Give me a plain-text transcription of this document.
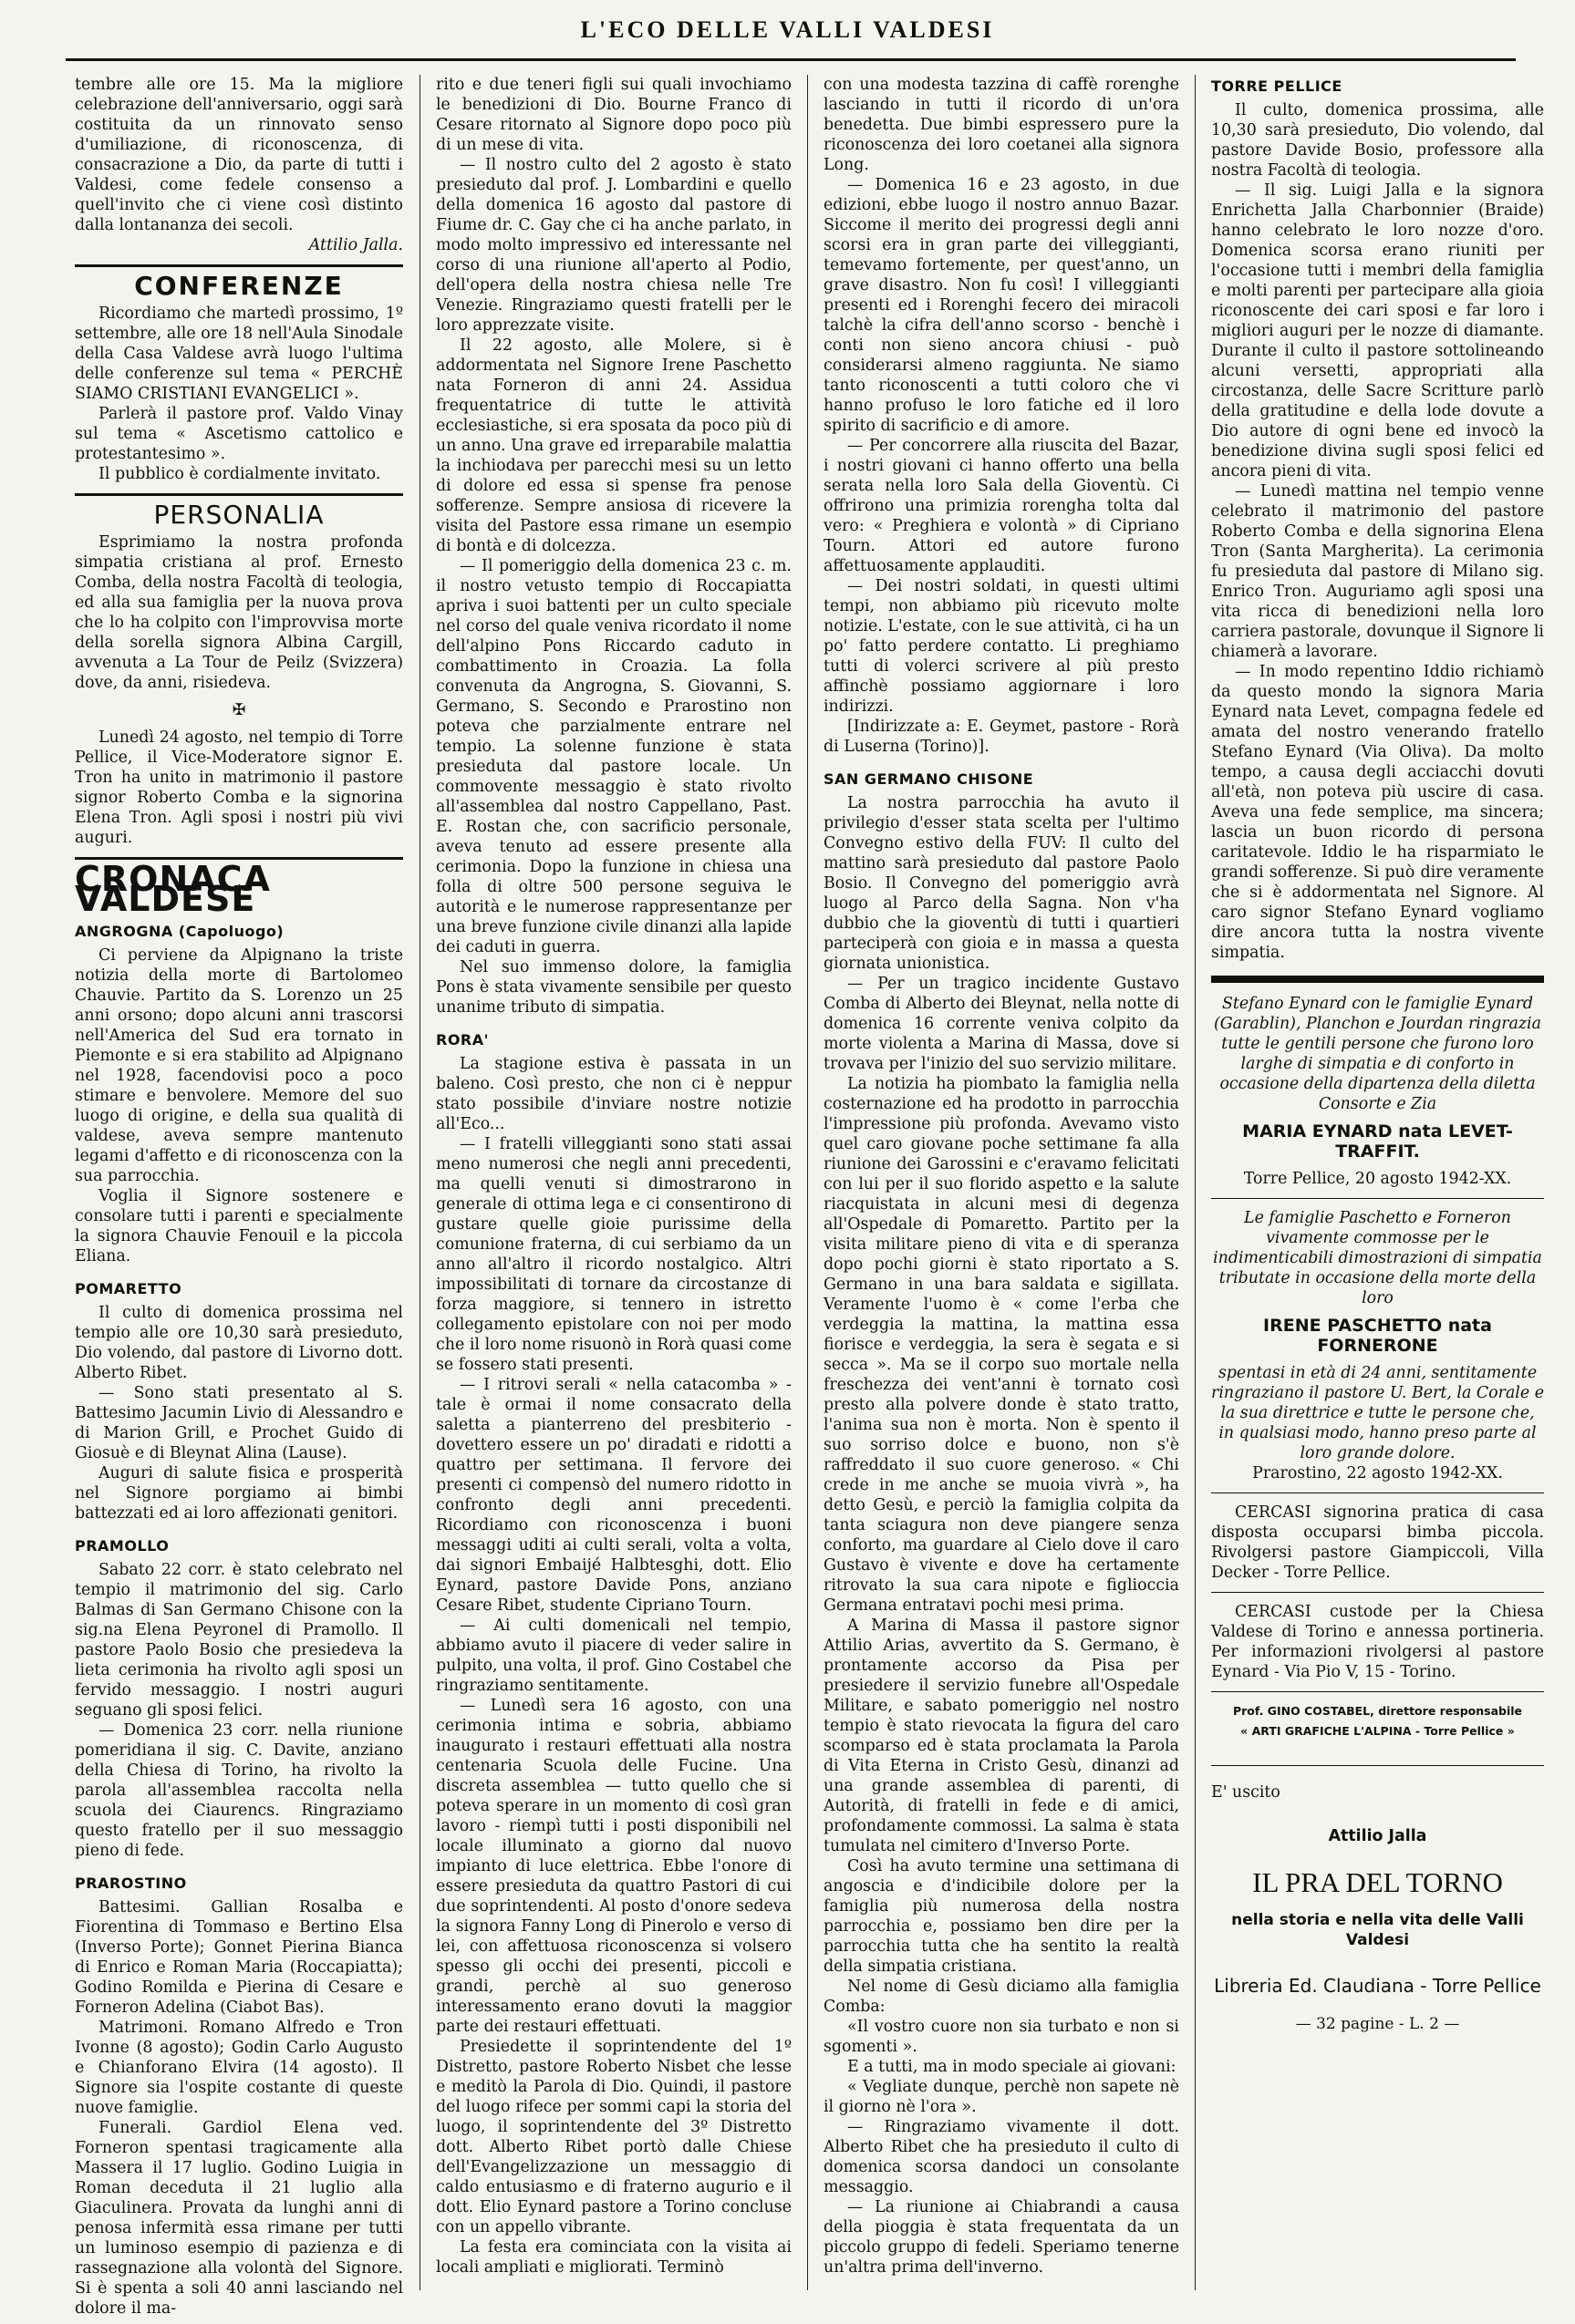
L'ECO DELLE VALLI VALDESI

tembre alle ore 15. Ma la migliore celebrazione dell'anniversario, oggi sarà costituita da un rinnovato senso d'umiliazione, di riconoscenza, di consacrazione a Dio, da parte di tutti i Valdesi, come fedele consenso a quell'invito che ci viene così distinto dalla lontananza dei secoli.

Attilio Jalla.
CONFERENZE

Ricordiamo che martedì prossimo, 1º settembre, alle ore 18 nell'Aula Sinodale della Casa Valdese avrà luogo l'ultima delle conferenze sul tema « PERCHÈ SIAMO CRISTIANI EVANGELICI ».

Parlerà il pastore prof. Valdo Vinay sul tema « Ascetismo cattolico e protestantesimo ».

Il pubblico è cordialmente invitato.

PERSONALIA

Esprimiamo la nostra profonda simpatia cristiana al prof. Ernesto Comba, della nostra Facoltà di teologia, ed alla sua famiglia per la nuova prova che lo ha colpito con l'improvvisa morte della sorella signora Albina Cargill, avvenuta a La Tour de Peilz (Svizzera) dove, da anni, risiedeva.

✠

Lunedì 24 agosto, nel tempio di Torre Pellice, il Vice-Moderatore signor E. Tron ha unito in matrimonio il pastore signor Roberto Comba e la signorina Elena Tron. Agli sposi i nostri più vivi auguri.

CRONACA VALDESE
ANGROGNA (Capoluogo)

Ci perviene da Alpignano la triste notizia della morte di Bartolomeo Chauvie. Partito da S. Lorenzo un 25 anni orsono; dopo alcuni anni trascorsi nell'America del Sud era tornato in Piemonte e si era stabilito ad Alpignano nel 1928, facendovisi poco a poco stimare e benvolere. Memore del suo luogo di origine, e della sua qualità di valdese, aveva sempre mantenuto legami d'affetto e di riconoscenza con la sua parrocchia.

Voglia il Signore sostenere e consolare tutti i parenti e specialmente la signora Chauvie Fenouil e la piccola Eliana.

POMARETTO

Il culto di domenica prossima nel tempio alle ore 10,30 sarà presieduto, Dio volendo, dal pastore di Livorno dott. Alberto Ribet.

— Sono stati presentato al S. Battesimo Jacumin Livio di Alessandro e di Marion Grill, e Prochet Guido di Giosuè e di Bleynat Alina (Lause).

Auguri di salute fisica e prosperità nel Signore porgiamo ai bimbi battezzati ed ai loro affezionati genitori.

PRAMOLLO

Sabato 22 corr. è stato celebrato nel tempio il matrimonio del sig. Carlo Balmas di San Germano Chisone con la sig.na Elena Peyronel di Pramollo. Il pastore Paolo Bosio che presiedeva la lieta cerimonia ha rivolto agli sposi un fervido messaggio. I nostri auguri seguano gli sposi felici.

— Domenica 23 corr. nella riunione pomeridiana il sig. C. Davite, anziano della Chiesa di Torino, ha rivolto la parola all'assemblea raccolta nella scuola dei Ciaurencs. Ringraziamo questo fratello per il suo messaggio pieno di fede.

PRAROSTINO

Battesimi. Gallian Rosalba e Fiorentina di Tommaso e Bertino Elsa (Inverso Porte); Gonnet Pierina Bianca di Enrico e Roman Maria (Roccapiatta); Godino Romilda e Pierina di Cesare e Forneron Adelina (Ciabot Bas).

Matrimoni. Romano Alfredo e Tron Ivonne (8 agosto); Godin Carlo Augusto e Chianforano Elvira (14 agosto). Il Signore sia l'ospite costante di queste nuove famiglie.

Funerali. Gardiol Elena ved. Forneron spentasi tragicamente alla Massera il 17 luglio. Godino Luigia in Roman deceduta il 21 luglio alla Giaculinera. Provata da lunghi anni di penosa infermità essa rimane per tutti un luminoso esempio di pazienza e di rassegnazione alla volontà del Signore. Si è spenta a soli 40 anni lasciando nel dolore il ma-

rito e due teneri figli sui quali invochiamo le benedizioni di Dio. Bourne Franco di Cesare ritornato al Signore dopo poco più di un mese di vita.

— Il nostro culto del 2 agosto è stato presieduto dal prof. J. Lombardini e quello della domenica 16 agosto dal pastore di Fiume dr. C. Gay che ci ha anche parlato, in modo molto impressivo ed interessante nel corso di una riunione all'aperto al Podio, dell'opera della nostra chiesa nelle Tre Venezie. Ringraziamo questi fratelli per le loro apprezzate visite.

Il 22 agosto, alle Molere, si è addormentata nel Signore Irene Paschetto nata Forneron di anni 24. Assidua frequentatrice di tutte le attività ecclesiastiche, si era sposata da poco più di un anno. Una grave ed irreparabile malattia la inchiodava per parecchi mesi su un letto di dolore ed essa si spense fra penose sofferenze. Sempre ansiosa di ricevere la visita del Pastore essa rimane un esempio di bontà e di dolcezza.

— Il pomeriggio della domenica 23 c. m. il nostro vetusto tempio di Roccapiatta apriva i suoi battenti per un culto speciale nel corso del quale veniva ricordato il nome dell'alpino Pons Riccardo caduto in combattimento in Croazia. La folla convenuta da Angrogna, S. Giovanni, S. Germano, S. Secondo e Prarostino non poteva che parzialmente entrare nel tempio. La solenne funzione è stata presieduta dal pastore locale. Un commovente messaggio è stato rivolto all'assemblea dal nostro Cappellano, Past. E. Rostan che, con sacrificio personale, aveva tenuto ad essere presente alla cerimonia. Dopo la funzione in chiesa una folla di oltre 500 persone seguiva le autorità e le numerose rappresentanze per una breve funzione civile dinanzi alla lapide dei caduti in guerra.

Nel suo immenso dolore, la famiglia Pons è stata vivamente sensibile per questo unanime tributo di simpatia.

RORA'

La stagione estiva è passata in un baleno. Così presto, che non ci è neppur stato possibile d'inviare nostre notizie all'Eco...

— I fratelli villeggianti sono stati assai meno numerosi che negli anni precedenti, ma quelli venuti si dimostrarono in generale di ottima lega e ci consentirono di gustare quelle gioie purissime della comunione fraterna, di cui serbiamo da un anno all'altro il ricordo nostalgico. Altri impossibilitati di tornare da circostanze di forza maggiore, si tennero in istretto collegamento epistolare con noi per modo che il loro nome risuonò in Rorà quasi come se fossero stati presenti.

— I ritrovi serali « nella catacomba » - tale è ormai il nome consacrato della saletta a pianterreno del presbiterio - dovettero essere un po' diradati e ridotti a quattro per settimana. Il fervore dei presenti ci compensò del numero ridotto in confronto degli anni precedenti. Ricordiamo con riconoscenza i buoni messaggi uditi ai culti serali, volta a volta, dai signori Embaijé Halbtesghi, dott. Elio Eynard, pastore Davide Pons, anziano Cesare Ribet, studente Cipriano Tourn.

— Ai culti domenicali nel tempio, abbiamo avuto il piacere di veder salire in pulpito, una volta, il prof. Gino Costabel che ringraziamo sentitamente.

— Lunedì sera 16 agosto, con una cerimonia intima e sobria, abbiamo inaugurato i restauri effettuati alla nostra centenaria Scuola delle Fucine. Una discreta assemblea — tutto quello che si poteva sperare in un momento di così gran lavoro - riempì tutti i posti disponibili nel locale illuminato a giorno dal nuovo impianto di luce elettrica. Ebbe l'onore di essere presieduta da quattro Pastori di cui due soprintendenti. Al posto d'onore sedeva la signora Fanny Long di Pinerolo e verso di lei, con affettuosa riconoscenza si volsero spesso gli occhi dei presenti, piccoli e grandi, perchè al suo generoso interessamento erano dovuti la maggior parte dei restauri effettuati.

Presiedette il soprintendente del 1º Distretto, pastore Roberto Nisbet che lesse e meditò la Parola di Dio. Quindi, il pastore del luogo rifece per sommi capi la storia del luogo, il soprintendente del 3º Distretto dott. Alberto Ribet portò dalle Chiese dell'Evangelizzazione un messaggio di caldo entusiasmo e di fraterno augurio e il dott. Elio Eynard pastore a Torino concluse con un appello vibrante.

La festa era cominciata con la visita ai locali ampliati e migliorati. Terminò

con una modesta tazzina di caffè rorenghe lasciando in tutti il ricordo di un'ora benedetta. Due bimbi espressero pure la riconoscenza dei loro coetanei alla signora Long.

— Domenica 16 e 23 agosto, in due edizioni, ebbe luogo il nostro annuo Bazar. Siccome il merito dei progressi degli anni scorsi era in gran parte dei villeggianti, temevamo fortemente, per quest'anno, un grave disastro. Non fu così! I villeggianti presenti ed i Rorenghi fecero dei miracoli talchè la cifra dell'anno scorso - benchè i conti non sieno ancora chiusi - può considerarsi almeno raggiunta. Ne siamo tanto riconoscenti a tutti coloro che vi hanno profuso le loro fatiche ed il loro spirito di sacrificio e di amore.

— Per concorrere alla riuscita del Bazar, i nostri giovani ci hanno offerto una bella serata nella loro Sala della Gioventù. Ci offrirono una primizia rorengha tolta dal vero: « Preghiera e volontà » di Cipriano Tourn. Attori ed autore furono affettuosamente applauditi.

— Dei nostri soldati, in questi ultimi tempi, non abbiamo più ricevuto molte notizie. L'estate, con le sue attività, ci ha un po' fatto perdere contatto. Li preghiamo tutti di volerci scrivere al più presto affinchè possiamo aggiornare i loro indirizzi.

[Indirizzate a: E. Geymet, pastore - Rorà di Luserna (Torino)].

SAN GERMANO CHISONE

La nostra parrocchia ha avuto il privilegio d'esser stata scelta per l'ultimo Convegno estivo della FUV: Il culto del mattino sarà presieduto dal pastore Paolo Bosio. Il Convegno del pomeriggio avrà luogo al Parco della Sagna. Non v'ha dubbio che la gioventù di tutti i quartieri parteciperà con gioia e in massa a questa giornata unionistica.

— Per un tragico incidente Gustavo Comba di Alberto dei Bleynat, nella notte di domenica 16 corrente veniva colpito da morte violenta a Marina di Massa, dove si trovava per l'inizio del suo servizio militare.

La notizia ha piombato la famiglia nella costernazione ed ha prodotto in parrocchia l'impressione più profonda. Avevamo visto quel caro giovane poche settimane fa alla riunione dei Garossini e c'eravamo felicitati con lui per il suo florido aspetto e la salute riacquistata in alcuni mesi di degenza all'Ospedale di Pomaretto. Partito per la visita militare pieno di vita e di speranza dopo pochi giorni è stato riportato a S. Germano in una bara saldata e sigillata. Veramente l'uomo è « come l'erba che verdeggia la mattina, la mattina essa fiorisce e verdeggia, la sera è segata e si secca ». Ma se il corpo suo mortale nella freschezza dei vent'anni è tornato così presto alla polvere donde è stato tratto, l'anima sua non è morta. Non è spento il suo sorriso dolce e buono, non s'è raffreddato il suo cuore generoso. « Chi crede in me anche se muoia vivrà », ha detto Gesù, e perciò la famiglia colpita da tanta sciagura non deve piangere senza conforto, ma guardare al Cielo dove il caro Gustavo è vivente e dove ha certamente ritrovato la sua cara nipote e figlioccia Germana entratavi pochi mesi prima.

A Marina di Massa il pastore signor Attilio Arias, avvertito da S. Germano, è prontamente accorso da Pisa per presiedere il servizio funebre all'Ospedale Militare, e sabato pomeriggio nel nostro tempio è stato rievocata la figura del caro scomparso ed è stata proclamata la Parola di Vita Eterna in Cristo Gesù, dinanzi ad una grande assemblea di parenti, di Autorità, di fratelli in fede e di amici, profondamente commossi. La salma è stata tumulata nel cimitero d'Inverso Porte.

Così ha avuto termine una settimana di angoscia e d'indicibile dolore per la famiglia più numerosa della nostra parrocchia e, possiamo ben dire per la parrocchia tutta che ha sentito la realtà della simpatia cristiana.

Nel nome di Gesù diciamo alla famiglia Comba:

«Il vostro cuore non sia turbato e non si sgomenti ».

E a tutti, ma in modo speciale ai giovani:

« Vegliate dunque, perchè non sapete nè il giorno nè l'ora ».

— Ringraziamo vivamente il dott. Alberto Ribet che ha presieduto il culto di domenica scorsa dandoci un consolante messaggio.

— La riunione ai Chiabrandi a causa della pioggia è stata frequentata da un piccolo gruppo di fedeli. Speriamo tenerne un'altra prima dell'inverno.

TORRE PELLICE

Il culto, domenica prossima, alle 10,30 sarà presieduto, Dio volendo, dal pastore Davide Bosio, professore alla nostra Facoltà di teologia.

— Il sig. Luigi Jalla e la signora Enrichetta Jalla Charbonnier (Braide) hanno celebrato le loro nozze d'oro. Domenica scorsa erano riuniti per l'occasione tutti i membri della famiglia e molti parenti per partecipare alla gioia riconoscente dei cari sposi e far loro i migliori auguri per le nozze di diamante. Durante il culto il pastore sottolineando alcuni versetti, appropriati alla circostanza, delle Sacre Scritture parlò della gratitudine e della lode dovute a Dio autore di ogni bene ed invocò la benedizione divina sugli sposi felici ed ancora pieni di vita.

— Lunedì mattina nel tempio venne celebrato il matrimonio del pastore Roberto Comba e della signorina Elena Tron (Santa Margherita). La cerimonia fu presieduta dal pastore di Milano sig. Enrico Tron. Auguriamo agli sposi una vita ricca di benedizioni nella loro carriera pastorale, dovunque il Signore li chiamerà a lavorare.

— In modo repentino Iddio richiamò da questo mondo la signora Maria Eynard nata Levet, compagna fedele ed amata del nostro venerando fratello Stefano Eynard (Via Oliva). Da molto tempo, a causa degli acciacchi dovuti all'età, non poteva più uscire di casa. Aveva una fede semplice, ma sincera; lascia un buon ricordo di persona caritatevole. Iddio le ha risparmiato le grandi sofferenze. Si può dire veramente che si è addormentata nel Signore. Al caro signor Stefano Eynard vogliamo dire ancora tutta la nostra vivente simpatia.

Stefano Eynard con le famiglie Eynard (Garablin), Planchon e Jourdan ringrazia tutte le gentili persone che furono loro larghe di simpatia e di conforto in occasione della dipartenza della diletta Consorte e Zia

MARIA EYNARD nata LEVET-TRAFFIT.

Torre Pellice, 20 agosto 1942-XX.

Le famiglie Paschetto e Forneron vivamente commosse per le indimenticabili dimostrazioni di simpatia tributate in occasione della morte della loro

IRENE PASCHETTO nata FORNERONE

spentasi in età di 24 anni, sentitamente ringraziano il pastore U. Bert, la Corale e la sua direttrice e tutte le persone che, in qualsiasi modo, hanno preso parte al loro grande dolore.

Prarostino, 22 agosto 1942-XX.

CERCASI signorina pratica di casa disposta occuparsi bimba piccola. Rivolgersi pastore Giampiccoli, Villa Decker - Torre Pellice.

CERCASI custode per la Chiesa Valdese di Torino e annessa portineria. Per informazioni rivolgersi al pastore Eynard - Via Pio V, 15 - Torino.

Prof. GINO COSTABEL, direttore responsabile

« ARTI GRAFICHE L'ALPINA - Torre Pellice »

E' uscito

Attilio Jalla
IL PRA DEL TORNO
nella storia e nella vita delle Valli Valdesi
Libreria Ed. Claudiana - Torre Pellice
— 32 pagine - L. 2 —
